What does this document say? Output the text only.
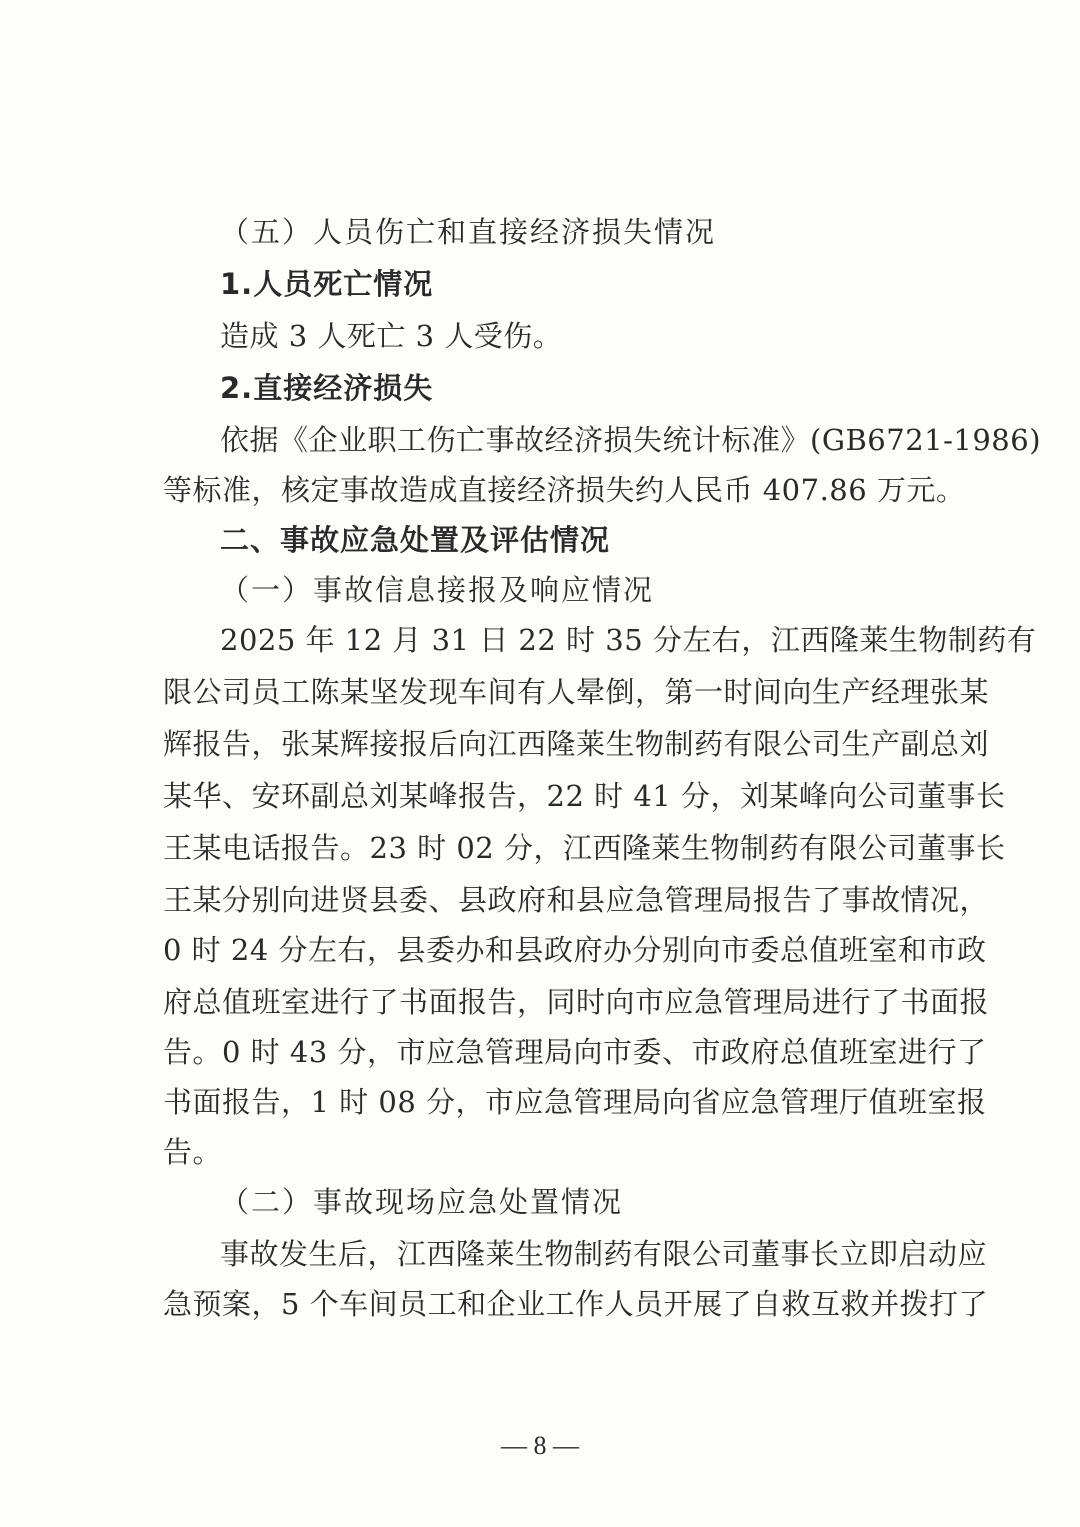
（五）人员伤亡和直接经济损失情况
1.人员死亡情况
造成 3 人死亡 3 人受伤。
2.直接经济损失
依据《企业职工伤亡事故经济损失统计标准》(GB6721-1986)
等标准，核定事故造成直接经济损失约人民币 407.86 万元。
二、事故应急处置及评估情况
（一）事故信息接报及响应情况
2025 年 12 月 31 日 22 时 35 分左右，江西隆莱生物制药有
限公司员工陈某坚发现车间有人晕倒，第一时间向生产经理张某
辉报告，张某辉接报后向江西隆莱生物制药有限公司生产副总刘
某华、安环副总刘某峰报告，22 时 41 分，刘某峰向公司董事长
王某电话报告。23 时 02 分，江西隆莱生物制药有限公司董事长
王某分别向进贤县委、县政府和县应急管理局报告了事故情况，
0 时 24 分左右，县委办和县政府办分别向市委总值班室和市政
府总值班室进行了书面报告，同时向市应急管理局进行了书面报
告。0 时 43 分，市应急管理局向市委、市政府总值班室进行了
书面报告，1 时 08 分，市应急管理局向省应急管理厅值班室报
告。
（二）事故现场应急处置情况
事故发生后，江西隆莱生物制药有限公司董事长立即启动应
急预案，5 个车间员工和企业工作人员开展了自救互救并拨打了
— 8 —
